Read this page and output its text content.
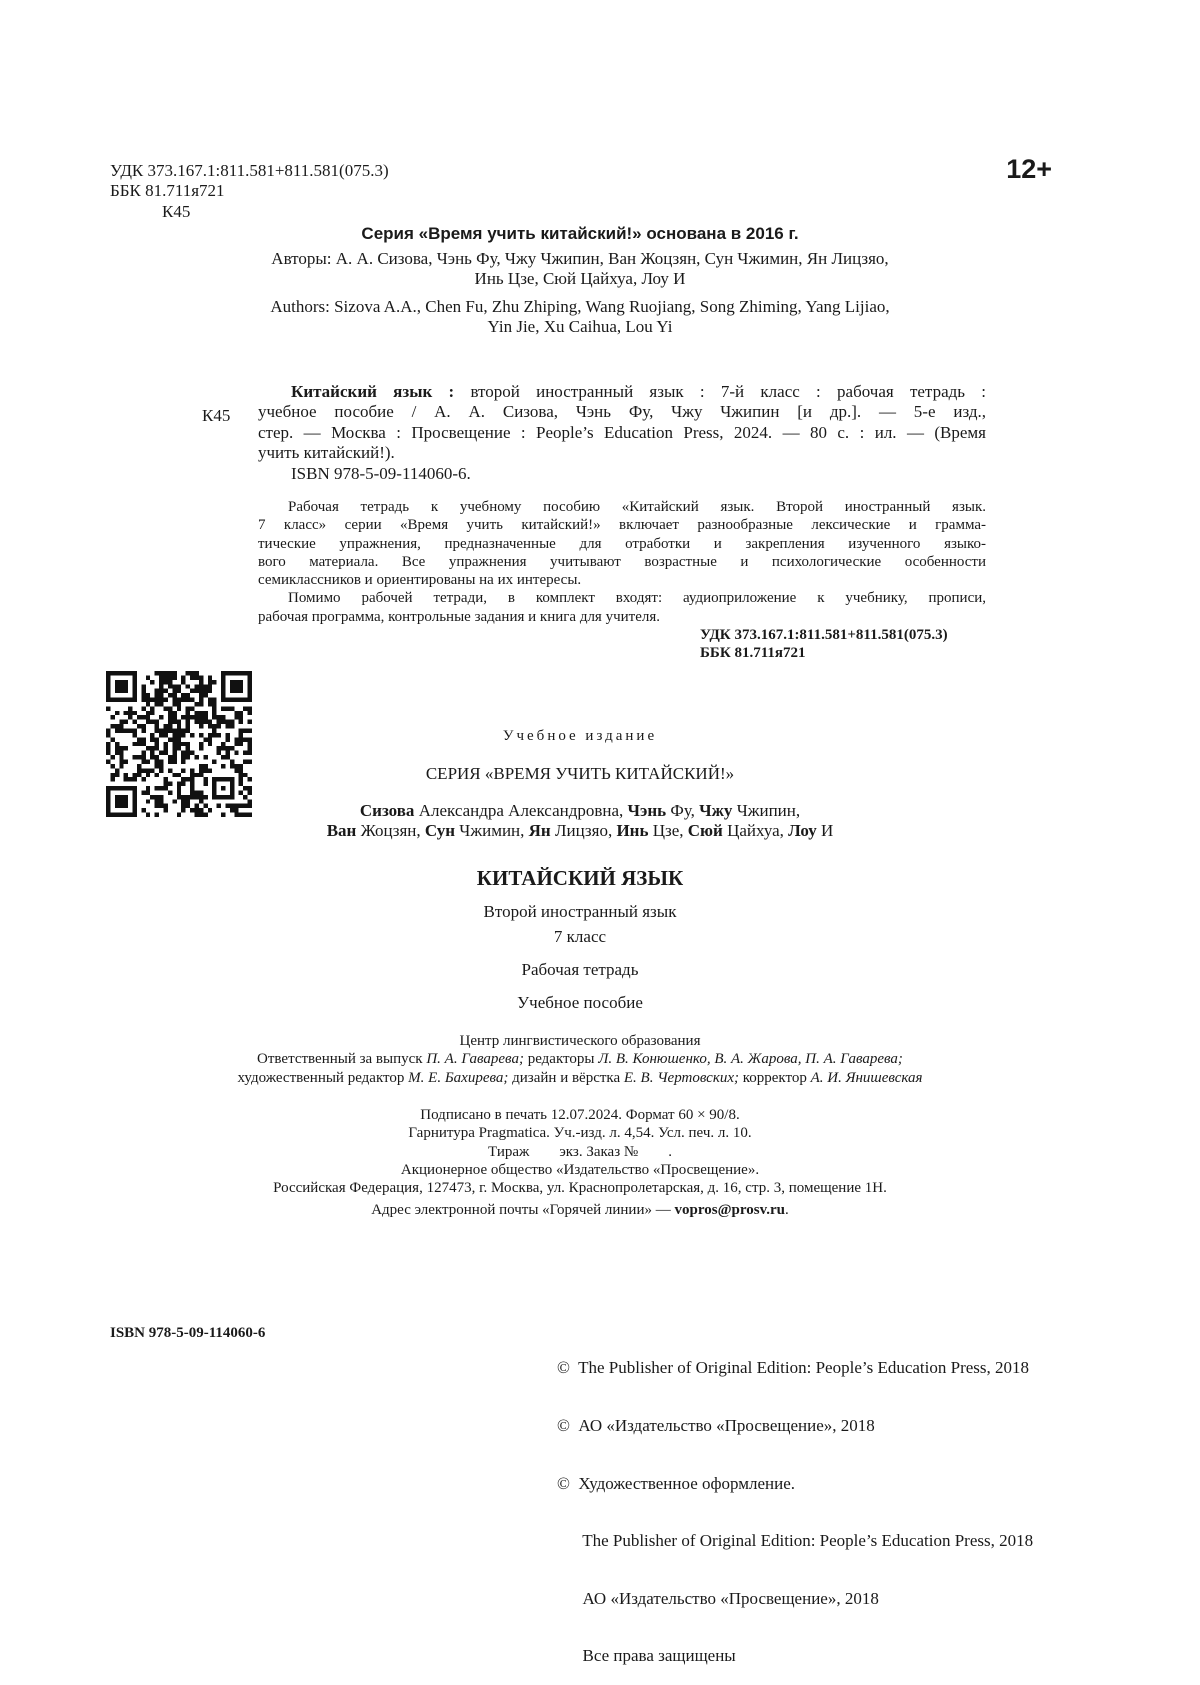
УДК 373.167.1:811.581+811.581(075.3)

ББК 81.711я721

К45

12+
Серия «Время учить китайский!» основана в 2016 г.

Авторы: А. А. Сизова, Чэнь Фу, Чжу Чжипин, Ван Жоцзян, Сун Чжимин, Ян Лицзяо,

Инь Цзе, Сюй Цайхуа, Лоу И

Authors: Sizova A.A., Chen Fu, Zhu Zhiping, Wang Ruojiang, Song Zhiming, Yang Lijiao,

Yin Jie, Xu Caihua, Lou Yi

К45

Китайский язык : второй иностранный язык : 7-й класс : рабочая тетрадь :

учебное пособие / А. А. Сизова, Чэнь Фу, Чжу Чжипин [и др.]. — 5-е изд.,

стер. — Москва : Просвещение : People’s Education Press, 2024. — 80 с. : ил. — (Время

учить китайский!).

ISBN 978-5-09-114060-6.

Рабочая тетрадь к учебному пособию «Китайский язык. Второй иностранный язык.

7 класс» серии «Время учить китайский!» включает разнообразные лексические и грамма-

тические упражнения, предназначенные для отработки и закрепления изученного языко-

вого материала. Все упражнения учитывают возрастные и психологические особенности

семиклассников и ориентированы на их интересы.

Помимо рабочей тетради, в комплект входят: аудиоприложение к учебнику, прописи,

рабочая программа, контрольные задания и книга для учителя.

УДК 373.167.1:811.581+811.581(075.3)

ББК 81.711я721

Учебное издание
СЕРИЯ «ВРЕМЯ УЧИТЬ КИТАЙСКИЙ!»

Сизова Александра Александровна, Чэнь Фу, Чжу Чжипин,

Ван Жоцзян, Сун Чжимин, Ян Лицзяо, Инь Цзе, Сюй Цайхуа, Лоу И

КИТАЙСКИЙ ЯЗЫК
Второй иностранный язык
7 класс
Рабочая тетрадь
Учебное пособие

Центр лингвистического образования

Ответственный за выпуск П. А. Гаварева; редакторы Л. В. Конюшенко, В. А. Жарова, П. А. Гаварева;

художественный редактор М. Е. Бахирева; дизайн и вёрстка Е. В. Чертовских; корректор А. И. Янишевская

Подписано в печать 12.07.2024. Формат 60 × 90/8.

Гарнитура Pragmatica. Уч.-изд. л. 4,54. Усл. печ. л. 10.

Тираж        экз. Заказ №        .

Акционерное общество «Издательство «Просвещение».

Российская Федерация, 127473, г. Москва, ул. Краснопролетарская, д. 16, стр. 3, помещение 1Н.

Адрес электронной почты «Горячей линии» — vopros@prosv.ru.

ISBN 978-5-09-114060-6

©  The Publisher of Original Edition: People’s Education Press, 2018

©  АО «Издательство «Просвещение», 2018

©  Художественное оформление.

The Publisher of Original Edition: People’s Education Press, 2018

АО «Издательство «Просвещение», 2018

Все права защищены
